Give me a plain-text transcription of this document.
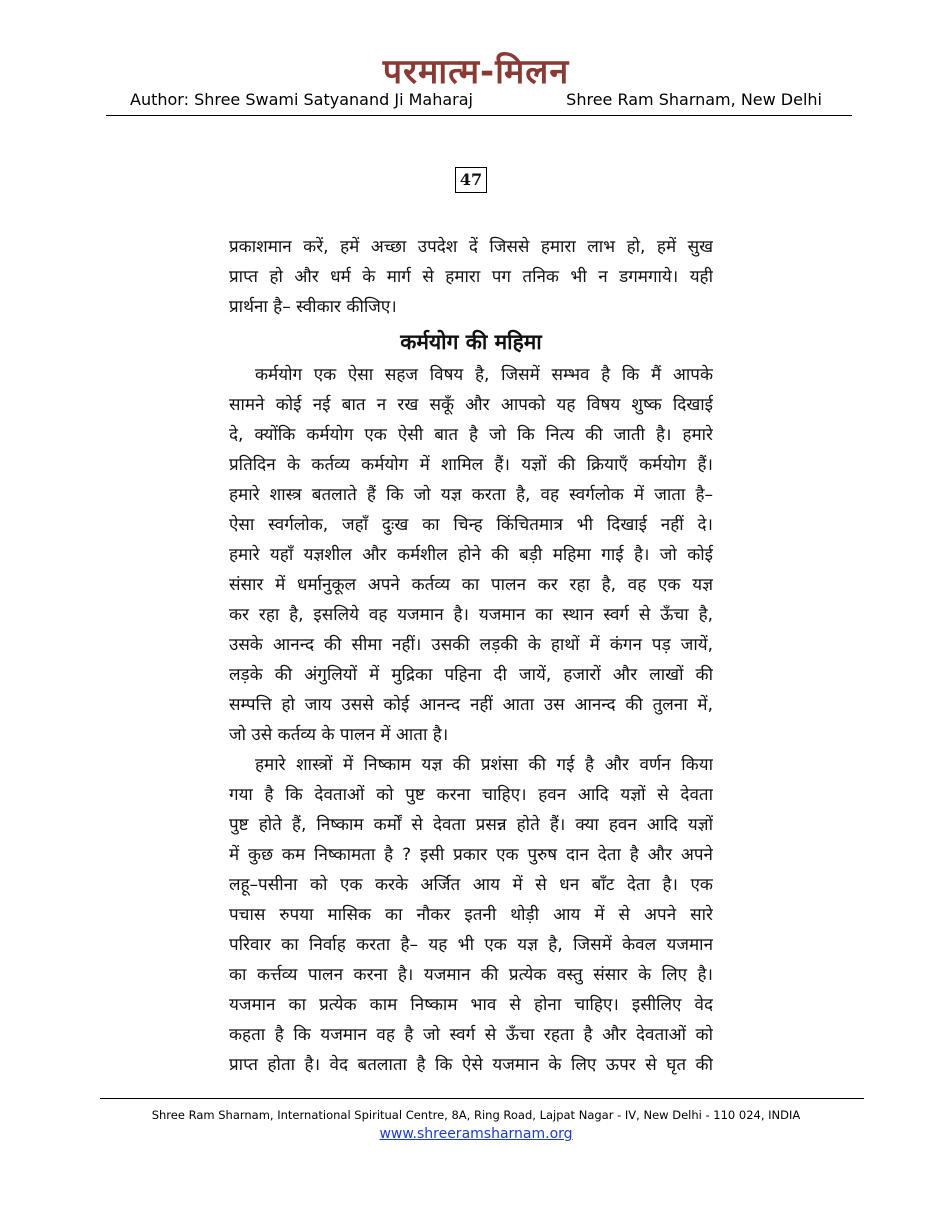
परमात्म-मिलन
Author: Shree Swami Satyanand Ji Maharaj	Shree Ram Sharnam, New Delhi
47
प्रकाशमान करें, हमें अच्छा उपदेश दें जिससे हमारा लाभ हो, हमें सुख
प्राप्त हो और धर्म के मार्ग से हमारा पग तनिक भी न डगमगाये। यही
प्रार्थना है– स्वीकार कीजिए।
कर्मयोग की महिमा
कर्मयोग एक ऐसा सहज विषय है, जिसमें सम्भव है कि मैं आपके
सामने कोई नई बात न रख सकूँ और आपको यह विषय शुष्क दिखाई
दे, क्योंकि कर्मयोग एक ऐसी बात है जो कि नित्य की जाती है। हमारे
प्रतिदिन के कर्तव्य कर्मयोग में शामिल हैं। यज्ञों की क्रियाएँ कर्मयोग हैं।
हमारे शास्त्र बतलाते हैं कि जो यज्ञ करता है, वह स्वर्गलोक में जाता है–
ऐसा स्वर्गलोक, जहाँ दुःख का चिन्ह किंचितमात्र भी दिखाई नहीं दे।
हमारे यहाँ यज्ञशील और कर्मशील होने की बड़ी महिमा गाई है। जो कोई
संसार में धर्मानुकूल अपने कर्तव्य का पालन कर रहा है, वह एक यज्ञ
कर रहा है, इसलिये वह यजमान है। यजमान का स्थान स्वर्ग से ऊँचा है,
उसके आनन्द की सीमा नहीं। उसकी लड़की के हाथों में कंगन पड़ जायें,
लड़के की अंगुलियों में मुद्रिका पहिना दी जायें, हजारों और लाखों की
सम्पत्ति हो जाय उससे कोई आनन्द नहीं आता उस आनन्द की तुलना में,
जो उसे कर्तव्य के पालन में आता है।
हमारे शास्त्रों में निष्काम यज्ञ की प्रशंसा की गई है और वर्णन किया
गया है कि देवताओं को पुष्ट करना चाहिए। हवन आदि यज्ञों से देवता
पुष्ट होते हैं, निष्काम कर्मों से देवता प्रसन्न होते हैं। क्या हवन आदि यज्ञों
में कुछ कम निष्कामता है ? इसी प्रकार एक पुरुष दान देता है और अपने
लहू–पसीना को एक करके अर्जित आय में से धन बाँट देता है। एक
पचास रुपया मासिक का नौकर इतनी थोड़ी आय में से अपने सारे
परिवार का निर्वाह करता है– यह भी एक यज्ञ है, जिसमें केवल यजमान
का कर्त्तव्य पालन करना है। यजमान की प्रत्येक वस्तु संसार के लिए है।
यजमान का प्रत्येक काम निष्काम भाव से होना चाहिए। इसीलिए वेद
कहता है कि यजमान वह है जो स्वर्ग से ऊँचा रहता है और देवताओं को
प्राप्त होता है। वेद बतलाता है कि ऐसे यजमान के लिए ऊपर से घृत की
Shree Ram Sharnam, International Spiritual Centre, 8A, Ring Road, Lajpat Nagar - IV, New Delhi - 110 024, INDIA
www.shreeramsharnam.org
